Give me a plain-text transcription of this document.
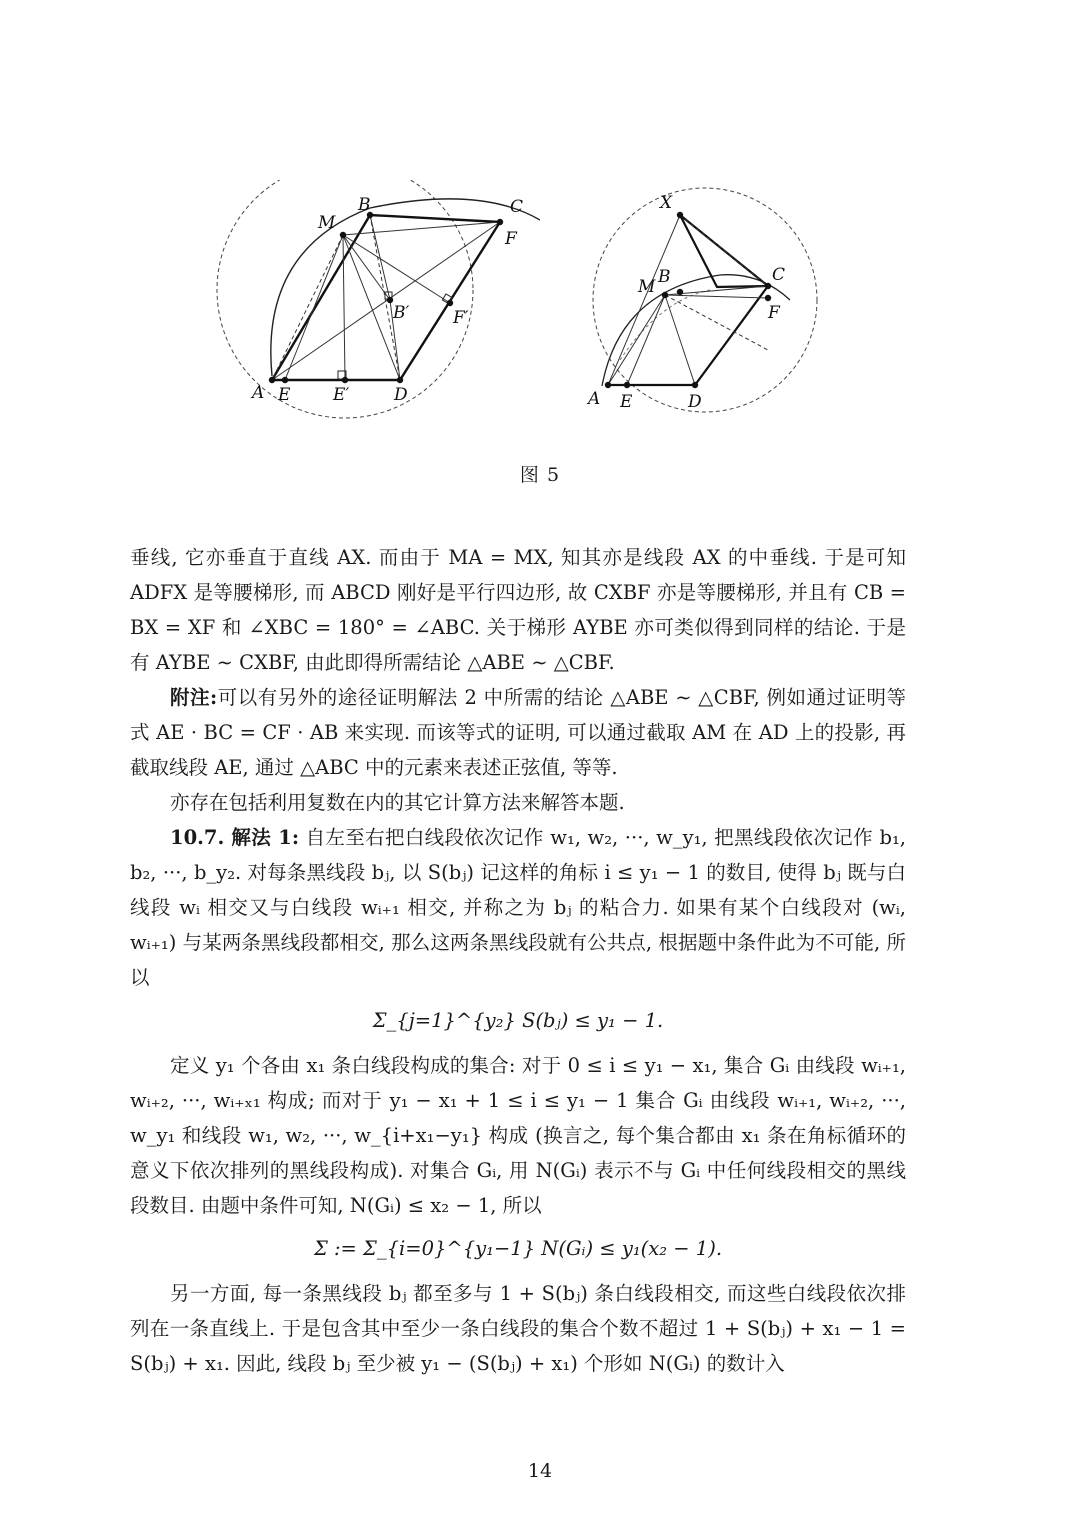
M
B	C
F
B′	F′
A E	E′	D
X
M B	C
F
A E	D
图 5

垂线, 它亦垂直于直线 AX. 而由于 MA = MX, 知其亦是线段 AX 的中垂线. 于是可知 ADFX 是等腰梯形, 而 ABCD 刚好是平行四边形, 故 CXBF 亦是等腰梯形, 并且有 CB = BX = XF 和 ∠XBC = 180° = ∠ABC. 关于梯形 AYBE 亦可类似得到同样的结论. 于是有 AYBE ∼ CXBF, 由此即得所需结论 △ABE ∼ △CBF.

附注:可以有另外的途径证明解法 2 中所需的结论 △ABE ∼ △CBF, 例如通过证明等式 AE · BC = CF · AB 来实现. 而该等式的证明, 可以通过截取 AM 在 AD 上的投影, 再截取线段 AE, 通过 △ABC 中的元素来表述正弦值, 等等.

亦存在包括利用复数在内的其它计算方法来解答本题.

10.7. 解法 1: 自左至右把白线段依次记作 w₁, w₂, ···, w_y₁, 把黑线段依次记作 b₁, b₂, ···, b_y₂. 对每条黑线段 bⱼ, 以 S(bⱼ) 记这样的角标 i ≤ y₁ − 1 的数目, 使得 bⱼ 既与白线段 wᵢ 相交又与白线段 wᵢ₊₁ 相交, 并称之为 bⱼ 的粘合力. 如果有某个白线段对 (wᵢ, wᵢ₊₁) 与某两条黑线段都相交, 那么这两条黑线段就有公共点, 根据题中条件此为不可能, 所以

Σ_{j=1}^{y₂} S(bⱼ) ≤ y₁ − 1.

定义 y₁ 个各由 x₁ 条白线段构成的集合: 对于 0 ≤ i ≤ y₁ − x₁, 集合 Gᵢ 由线段 wᵢ₊₁, wᵢ₊₂, ···, wᵢ₊ₓ₁ 构成; 而对于 y₁ − x₁ + 1 ≤ i ≤ y₁ − 1 集合 Gᵢ 由线段 wᵢ₊₁, wᵢ₊₂, ···, w_y₁ 和线段 w₁, w₂, ···, w_{i+x₁−y₁} 构成 (换言之, 每个集合都由 x₁ 条在角标循环的意义下依次排列的黑线段构成). 对集合 Gᵢ, 用 N(Gᵢ) 表示不与 Gᵢ 中任何线段相交的黑线段数目. 由题中条件可知, N(Gᵢ) ≤ x₂ − 1, 所以

Σ := Σ_{i=0}^{y₁−1} N(Gᵢ) ≤ y₁(x₂ − 1).

另一方面, 每一条黑线段 bⱼ 都至多与 1 + S(bⱼ) 条白线段相交, 而这些白线段依次排列在一条直线上. 于是包含其中至少一条白线段的集合个数不超过 1 + S(bⱼ) + x₁ − 1 = S(bⱼ) + x₁. 因此, 线段 bⱼ 至少被 y₁ − (S(bⱼ) + x₁) 个形如 N(Gᵢ) 的数计入

14
